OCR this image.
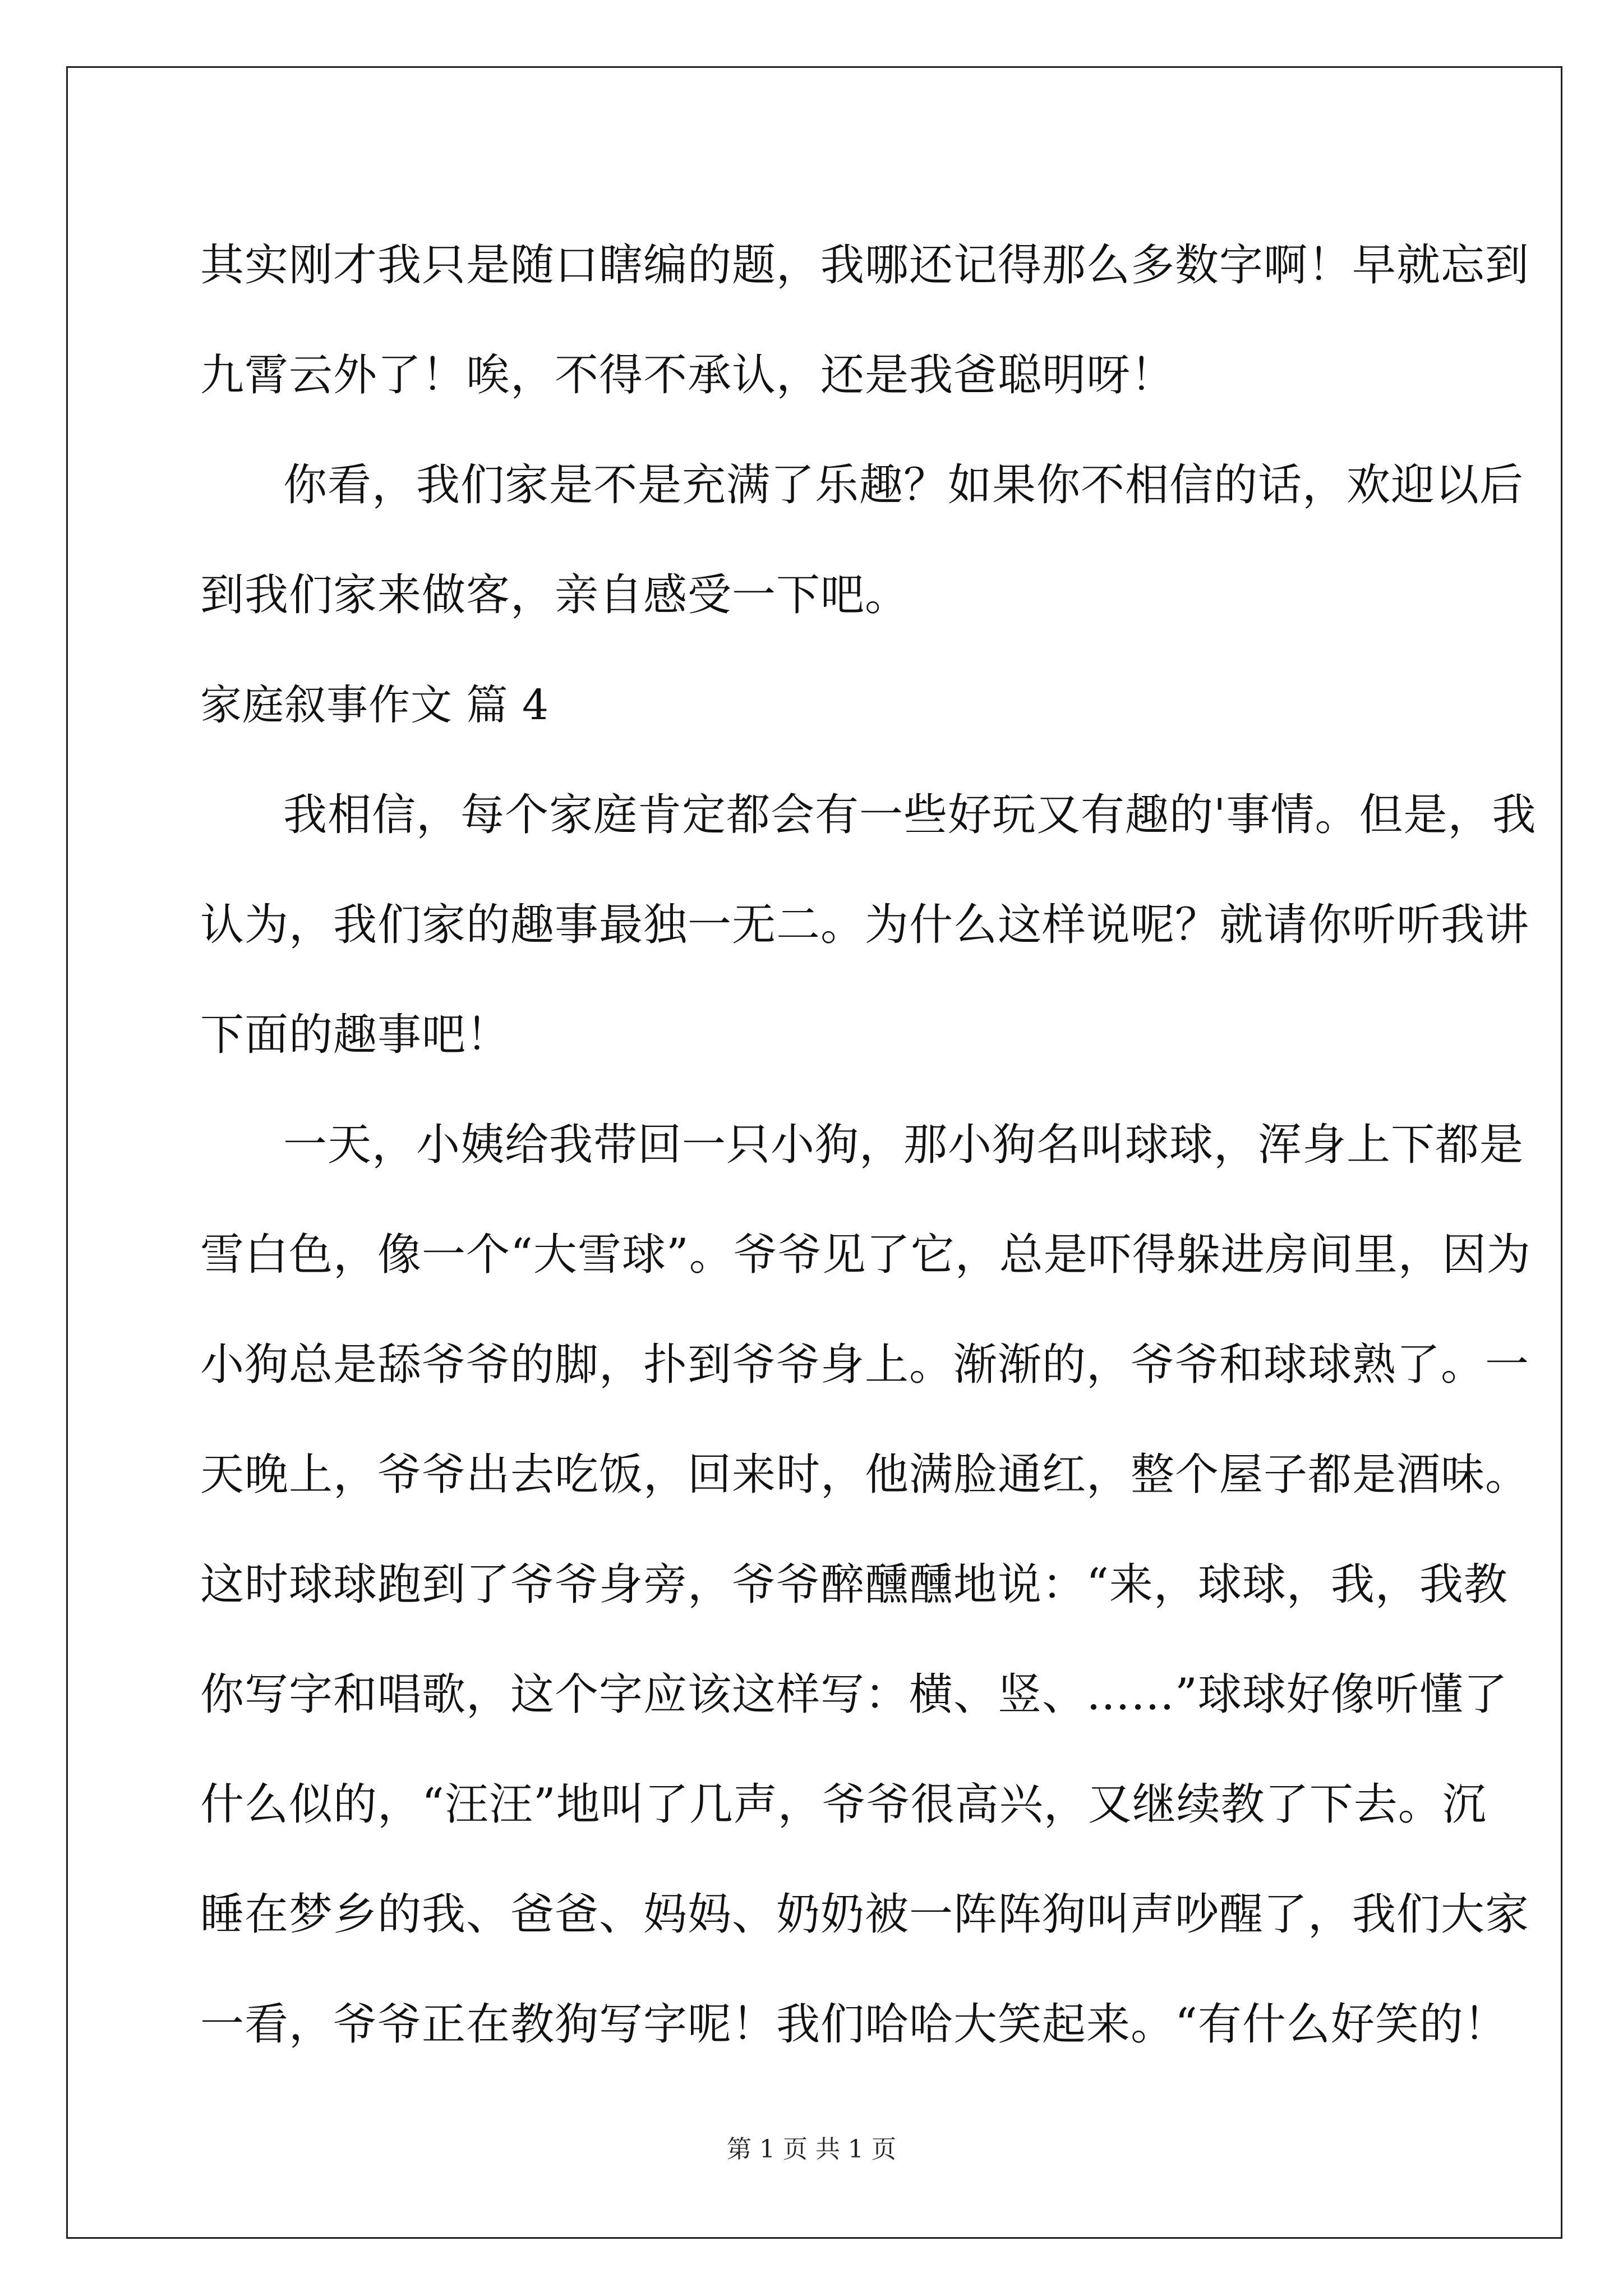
其实刚才我只是随口瞎编的题，我哪还记得那么多数字啊！早就忘到
九霄云外了！唉，不得不承认，还是我爸聪明呀！

你看，我们家是不是充满了乐趣？如果你不相信的话，欢迎以后
到我们家来做客，亲自感受一下吧。

家庭叙事作文 篇 4

我相信，每个家庭肯定都会有一些好玩又有趣的'事情。但是，我
认为，我们家的趣事最独一无二。为什么这样说呢？就请你听听我讲
下面的趣事吧！

一天，小姨给我带回一只小狗，那小狗名叫球球，浑身上下都是
雪白色，像一个“大雪球”。爷爷见了它，总是吓得躲进房间里，因为
小狗总是舔爷爷的脚，扑到爷爷身上。渐渐的，爷爷和球球熟了。一
天晚上，爷爷出去吃饭，回来时，他满脸通红，整个屋子都是酒味。
这时球球跑到了爷爷身旁，爷爷醉醺醺地说：“来，球球，我，我教
你写字和唱歌，这个字应该这样写：横、竖、……”球球好像听懂了
什么似的，“汪汪”地叫了几声，爷爷很高兴，又继续教了下去。沉
睡在梦乡的我、爸爸、妈妈、奶奶被一阵阵狗叫声吵醒了，我们大家
一看，爷爷正在教狗写字呢！我们哈哈大笑起来。“有什么好笑的！

第 1 页 共 1 页
